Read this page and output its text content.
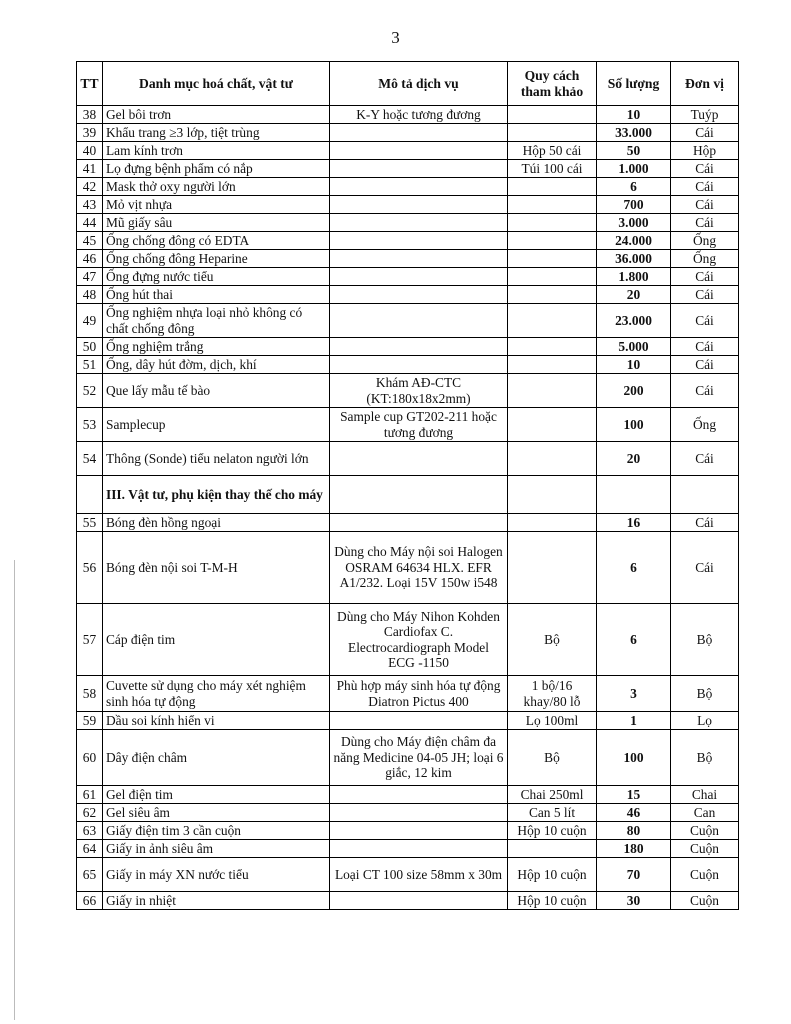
3
TT	Danh mục hoá chất, vật tư	Mô tả dịch vụ	Quy cách tham khảo	Số lượng	Đơn vị
38	Gel bôi trơn	K-Y hoặc tương đương		10	Tuýp
39	Khẩu trang ≥3 lớp, tiệt trùng			33.000	Cái
40	Lam kính trơn		Hộp 50 cái	50	Hộp
41	Lọ đựng bệnh phẩm có nắp		Túi 100 cái	1.000	Cái
42	Mask thở oxy người lớn			6	Cái
43	Mỏ vịt nhựa			700	Cái
44	Mũ giấy sâu			3.000	Cái
45	Ống chống đông có EDTA			24.000	Ống
46	Ống chống đông Heparine			36.000	Ống
47	Ống đựng nước tiểu			1.800	Cái
48	Ống hút thai			20	Cái
49	Ống nghiệm nhựa loại nhỏ không có chất chống đông			23.000	Cái
50	Ống nghiệm trắng			5.000	Cái
51	Ống, dây hút đờm, dịch, khí			10	Cái
52	Que lấy mẫu tế bào	Khám AĐ-CTC (KT:180x18x2mm)		200	Cái
53	Samplecup	Sample cup GT202-211 hoặc tương đương		100	Ống
54	Thông (Sonde) tiểu nelaton người lớn			20	Cái
	III. Vật tư, phụ kiện thay thế cho máy				
55	Bóng đèn hồng ngoại			16	Cái
56	Bóng đèn nội soi T-M-H	Dùng cho Máy nội soi Halogen OSRAM 64634 HLX. EFR A1/232. Loại 15V 150w i548		6	Cái
57	Cáp điện tim	Dùng cho Máy Nihon Kohden Cardiofax C. Electrocardiograph Model ECG -1150	Bộ	6	Bộ
58	Cuvette sử dụng cho máy xét nghiệm sinh hóa tự động	Phù hợp máy sinh hóa tự động Diatron Pictus 400	1 bộ/16 khay/80 lỗ	3	Bộ
59	Dầu soi kính hiển vi		Lọ 100ml	1	Lọ
60	Dây điện châm	Dùng cho Máy điện châm đa năng Medicine 04-05 JH; loại 6 giắc, 12 kim	Bộ	100	Bộ
61	Gel điện tim		Chai 250ml	15	Chai
62	Gel siêu âm		Can 5 lít	46	Can
63	Giấy điện tim 3 cần cuộn		Hộp 10 cuộn	80	Cuộn
64	Giấy in ảnh siêu âm			180	Cuộn
65	Giấy in máy XN nước tiểu	Loại CT 100 size 58mm x 30m	Hộp 10 cuộn	70	Cuộn
66	Giấy in nhiệt		Hộp 10 cuộn	30	Cuộn
